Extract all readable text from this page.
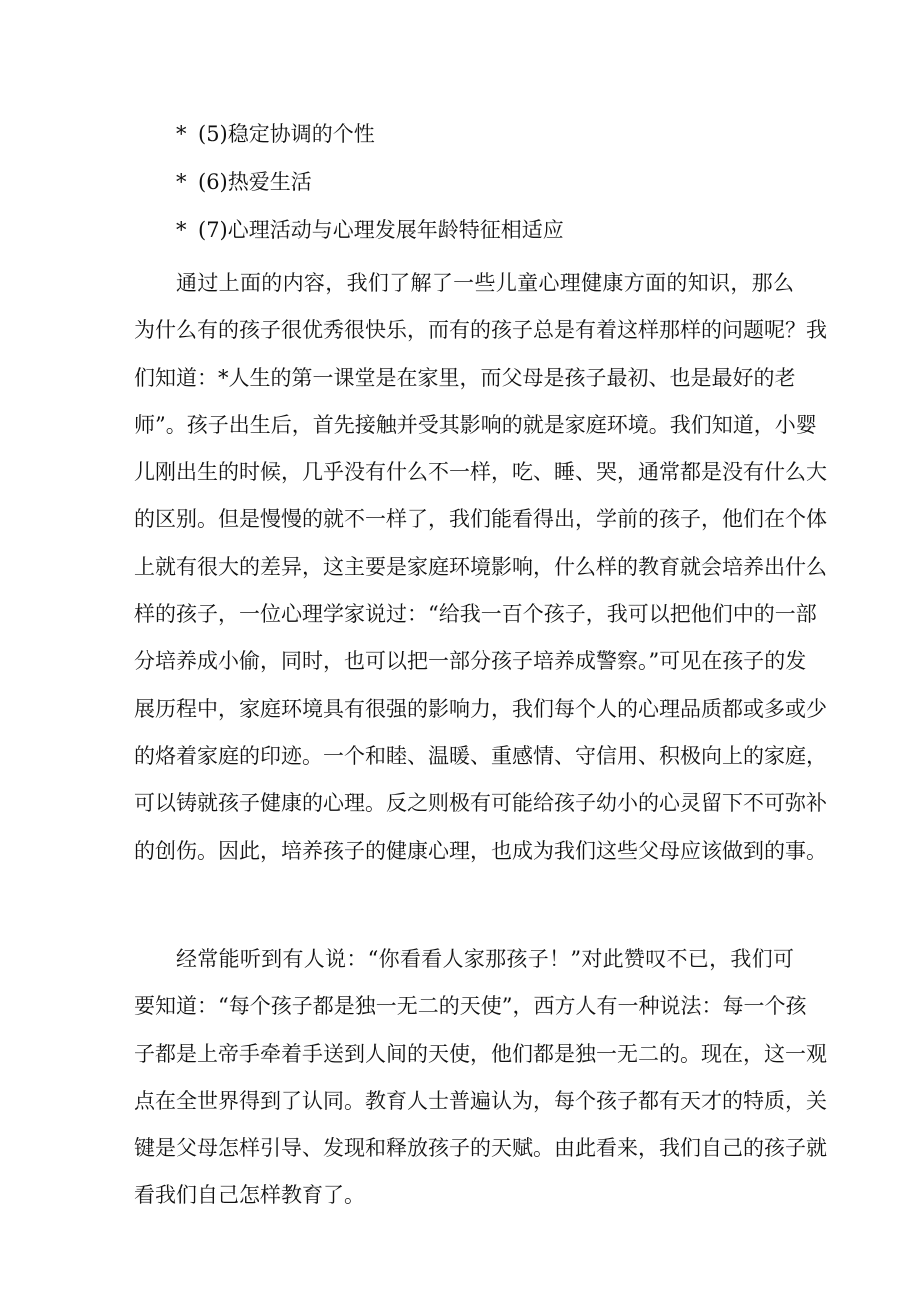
* (5)稳定协调的个性
* (6)热爱生活
* (7)心理活动与心理发展年龄特征相适应
通过上面的内容，我们了解了一些儿童心理健康方面的知识，那么
为什么有的孩子很优秀很快乐，而有的孩子总是有着这样那样的问题呢？我
们知道：*人生的第一课堂是在家里，而父母是孩子最初、也是最好的老
师”。孩子出生后，首先接触并受其影响的就是家庭环境。我们知道，小婴
儿刚出生的时候，几乎没有什么不一样，吃、睡、哭，通常都是没有什么大
的区别。但是慢慢的就不一样了，我们能看得出，学前的孩子，他们在个体
上就有很大的差异，这主要是家庭环境影响，什么样的教育就会培养出什么
样的孩子，一位心理学家说过：“给我一百个孩子，我可以把他们中的一部
分培养成小偷，同时，也可以把一部分孩子培养成警察。”可见在孩子的发
展历程中，家庭环境具有很强的影响力，我们每个人的心理品质都或多或少
的烙着家庭的印迹。一个和睦、温暖、重感情、守信用、积极向上的家庭，
可以铸就孩子健康的心理。反之则极有可能给孩子幼小的心灵留下不可弥补
的创伤。因此，培养孩子的健康心理，也成为我们这些父母应该做到的事。
经常能听到有人说：“你看看人家那孩子！”对此赞叹不已，我们可
要知道：“每个孩子都是独一无二的天使”，西方人有一种说法：每一个孩
子都是上帝手牵着手送到人间的天使，他们都是独一无二的。现在，这一观
点在全世界得到了认同。教育人士普遍认为，每个孩子都有天才的特质，关
键是父母怎样引导、发现和释放孩子的天赋。由此看来，我们自己的孩子就
看我们自己怎样教育了。
